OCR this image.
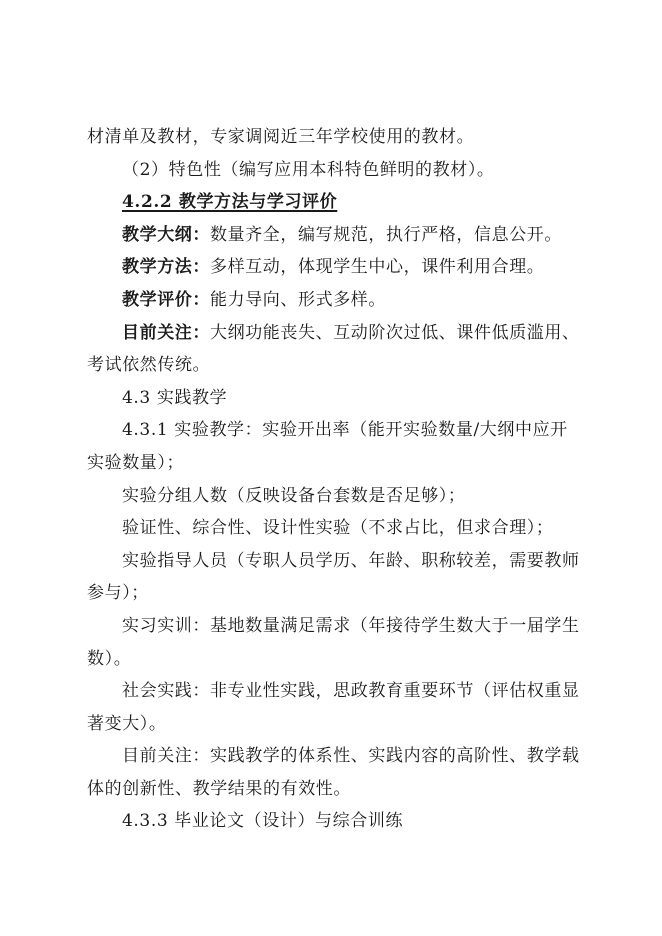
材清单及教材，专家调阅近三年学校使用的教材。
（2）特色性（编写应用本科特色鲜明的教材）。
4.2.2 教学方法与学习评价
教学大纲：数量齐全，编写规范，执行严格，信息公开。
教学方法：多样互动，体现学生中心，课件利用合理。
教学评价：能力导向、形式多样。
目前关注：大纲功能丧失、互动阶次过低、课件低质滥用、
考试依然传统。
4.3 实践教学
4.3.1 实验教学：实验开出率（能开实验数量/大纲中应开
实验数量）；
实验分组人数（反映设备台套数是否足够）；
验证性、综合性、设计性实验（不求占比，但求合理）；
实验指导人员（专职人员学历、年龄、职称较差，需要教师
参与）；
实习实训：基地数量满足需求（年接待学生数大于一届学生
数）。
社会实践：非专业性实践，思政教育重要环节（评估权重显
著变大）。
目前关注：实践教学的体系性、实践内容的高阶性、教学载
体的创新性、教学结果的有效性。
4.3.3 毕业论文（设计）与综合训练
